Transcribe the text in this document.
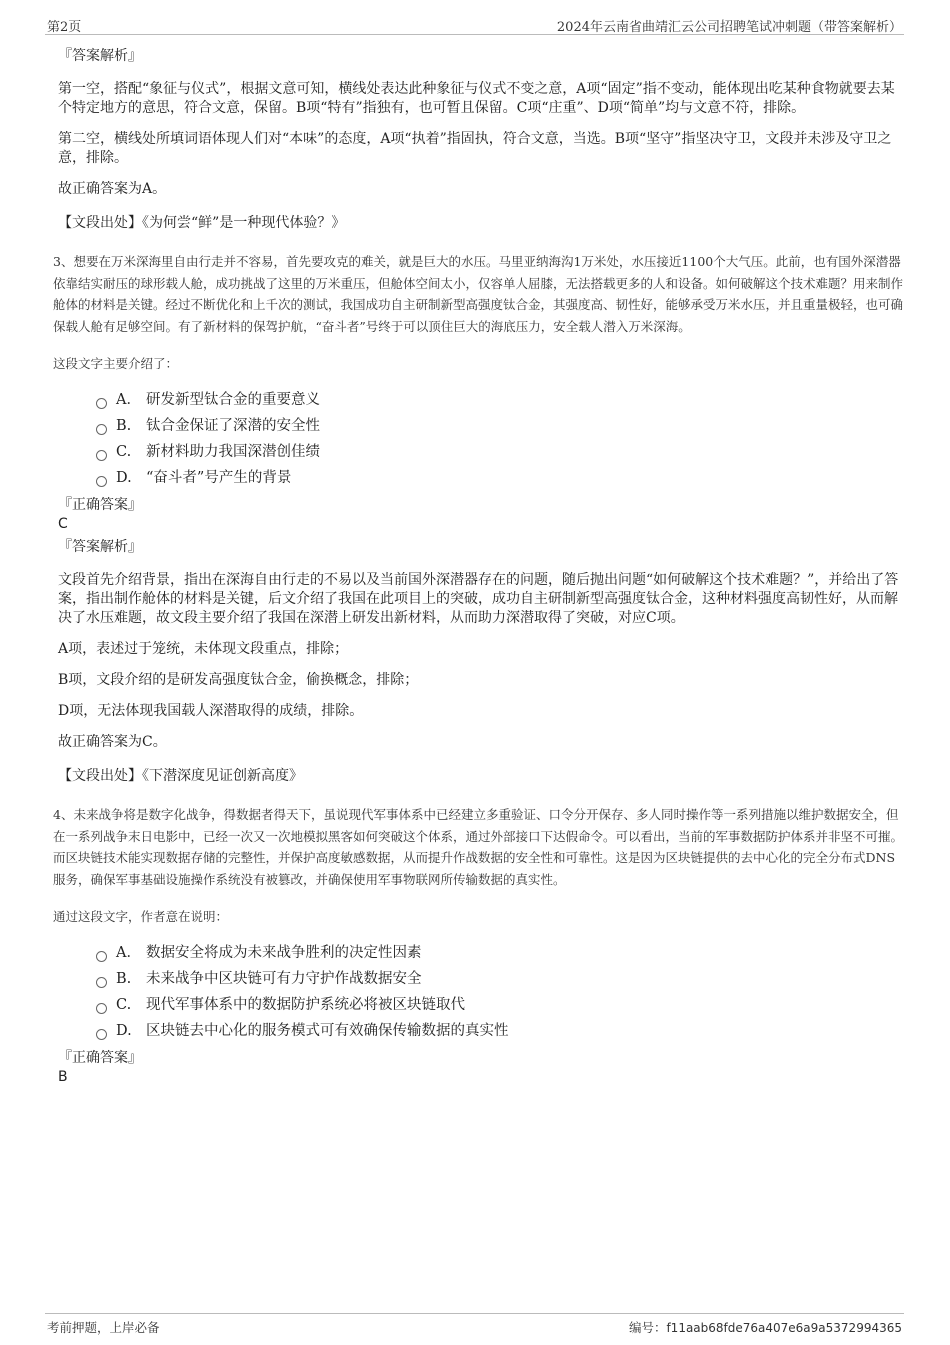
第2页	2024年云南省曲靖汇云公司招聘笔试冲刺题（带答案解析）
『答案解析』

第一空，搭配“象征与仪式”，根据文意可知，横线处表达此种象征与仪式不变之意，A项“固定”指不变动，能体现出吃某种食物就要去某个特定地方的意思，符合文意，保留。B项“特有”指独有，也可暂且保留。C项“庄重”、D项“简单”均与文意不符，排除。

第二空，横线处所填词语体现人们对“本味”的态度，A项“执着”指固执，符合文意，当选。B项“坚守”指坚决守卫，文段并未涉及守卫之意，排除。

故正确答案为A。

【文段出处】《为何尝“鲜”是一种现代体验？》

3、想要在万米深海里自由行走并不容易，首先要攻克的难关，就是巨大的水压。马里亚纳海沟1万米处，水压接近1100个大气压。此前，也有国外深潜器依靠结实耐压的球形载人舱，成功挑战了这里的万米重压，但舱体空间太小，仅容单人屈膝，无法搭载更多的人和设备。如何破解这个技术难题？用来制作舱体的材料是关键。经过不断优化和上千次的测试，我国成功自主研制新型高强度钛合金，其强度高、韧性好，能够承受万米水压，并且重量极轻，也可确保载人舱有足够空间。有了新材料的保驾护航，“奋斗者”号终于可以顶住巨大的海底压力，安全载人潜入万米深海。

这段文字主要介绍了：

A． 研发新型钛合金的重要意义
B.	钛合金保证了深潜的安全性
C.	新材料助力我国深潜创佳绩
D. “奋斗者”号产生的背景
『正确答案』
C
『答案解析』

文段首先介绍背景，指出在深海自由行走的不易以及当前国外深潜器存在的问题，随后抛出问题“如何破解这个技术难题？”，并给出了答案，指出制作舱体的材料是关键，后文介绍了我国在此项目上的突破，成功自主研制新型高强度钛合金，这种材料强度高韧性好，从而解决了水压难题，故文段主要介绍了我国在深潜上研发出新材料，从而助力深潜取得了突破，对应C项。

A项，表述过于笼统，未体现文段重点，排除；

B项，文段介绍的是研发高强度钛合金，偷换概念，排除；

D项，无法体现我国载人深潜取得的成绩，排除。

故正确答案为C。

【文段出处】《下潜深度见证创新高度》

4、未来战争将是数字化战争，得数据者得天下，虽说现代军事体系中已经建立多重验证、口令分开保存、多人同时操作等一系列措施以维护数据安全，但在一系列战争末日电影中，已经一次又一次地模拟黑客如何突破这个体系，通过外部接口下达假命令。可以看出，当前的军事数据防护体系并非坚不可摧。而区块链技术能实现数据存储的完整性，并保护高度敏感数据，从而提升作战数据的安全性和可靠性。这是因为区块链提供的去中心化的完全分布式DNS服务，确保军事基础设施操作系统没有被篡改，并确保使用军事物联网所传输数据的真实性。

通过这段文字，作者意在说明：

A． 数据安全将成为未来战争胜利的决定性因素
B.	未来战争中区块链可有力守护作战数据安全
C.	现代军事体系中的数据防护系统必将被区块链取代
D. 区块链去中心化的服务模式可有效确保传输数据的真实性
『正确答案』
B
考前押题，上岸必备	编号：f11aab68fde76a407e6a9a5372994365
